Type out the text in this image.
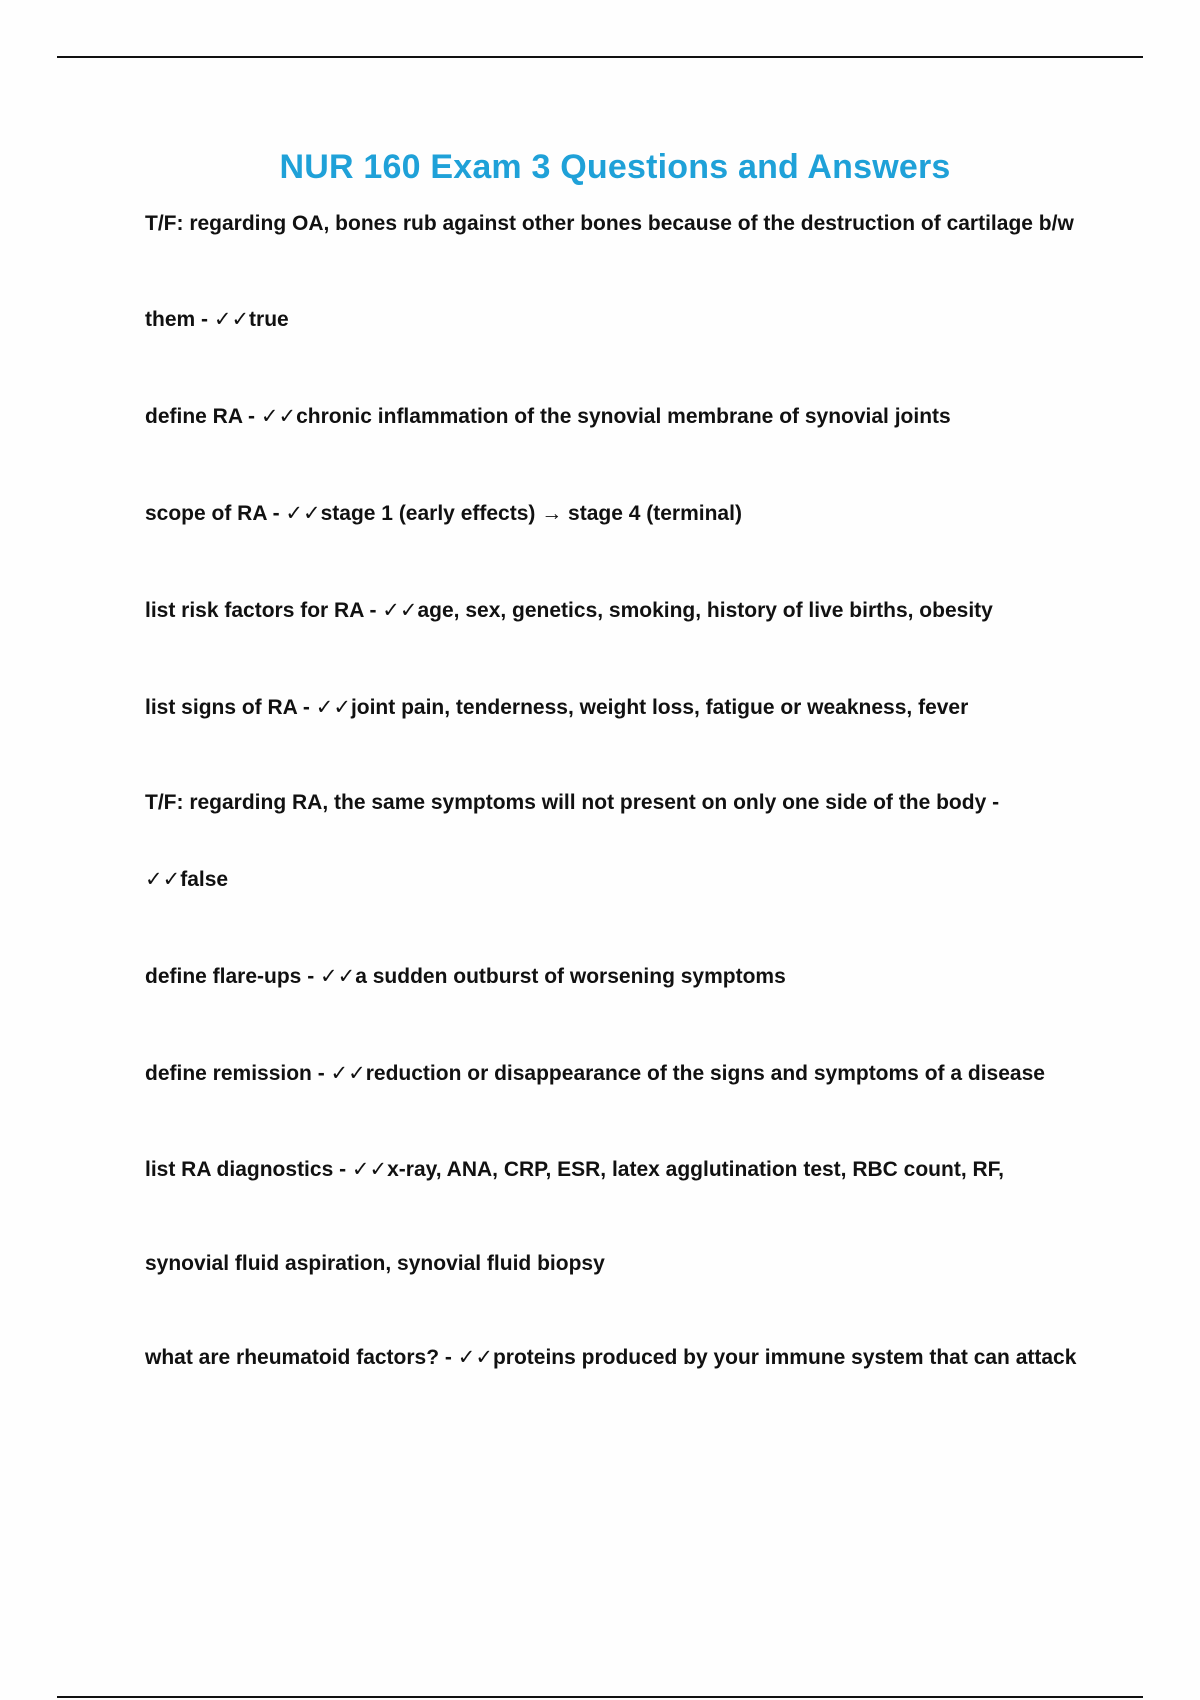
NUR 160 Exam 3 Questions and Answers
T/F: regarding OA, bones rub against other bones because of the destruction of cartilage b/w
them - ✓✓true
define RA - ✓✓chronic inflammation of the synovial membrane of synovial joints
scope of RA - ✓✓stage 1 (early effects) → stage 4 (terminal)
list risk factors for RA - ✓✓age, sex, genetics, smoking, history of live births, obesity
list signs of RA - ✓✓joint pain, tenderness, weight loss, fatigue or weakness, fever
T/F: regarding RA, the same symptoms will not present on only one side of the body -
✓✓false
define flare-ups - ✓✓a sudden outburst of worsening symptoms
define remission - ✓✓reduction or disappearance of the signs and symptoms of a disease
list RA diagnostics - ✓✓x-ray, ANA, CRP, ESR, latex agglutination test, RBC count, RF,
synovial fluid aspiration, synovial fluid biopsy
what are rheumatoid factors? - ✓✓proteins produced by your immune system that can attack
